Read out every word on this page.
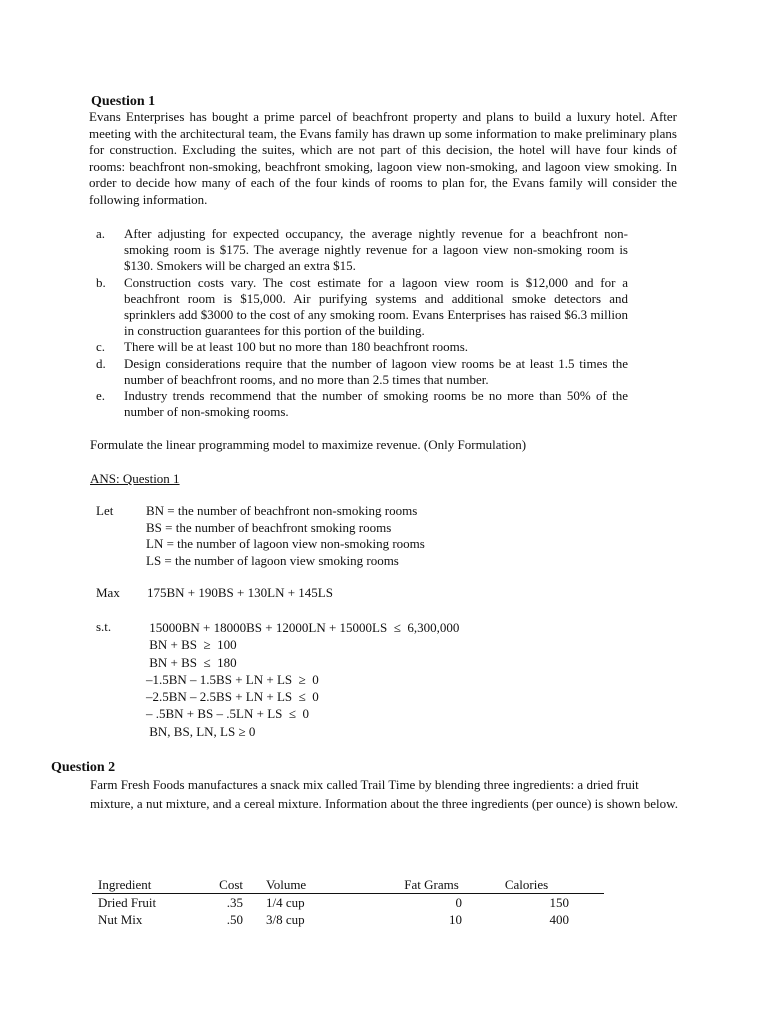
Question 1
Evans Enterprises has bought a prime parcel of beachfront property and plans to build a luxury hotel. After meeting with the architectural team, the Evans family has drawn up some information to make preliminary plans for construction. Excluding the suites, which are not part of this decision, the hotel will have four kinds of rooms: beachfront non-smoking, beachfront smoking, lagoon view non-smoking, and lagoon view smoking. In order to decide how many of each of the four kinds of rooms to plan for, the Evans family will consider the following information.
a. After adjusting for expected occupancy, the average nightly revenue for a beachfront non-smoking room is $175. The average nightly revenue for a lagoon view non-smoking room is $130. Smokers will be charged an extra $15.
b. Construction costs vary. The cost estimate for a lagoon view room is $12,000 and for a beachfront room is $15,000. Air purifying systems and additional smoke detectors and sprinklers add $3000 to the cost of any smoking room. Evans Enterprises has raised $6.3 million in construction guarantees for this portion of the building.
c. There will be at least 100 but no more than 180 beachfront rooms.
d. Design considerations require that the number of lagoon view rooms be at least 1.5 times the number of beachfront rooms, and no more than 2.5 times that number.
e. Industry trends recommend that the number of smoking rooms be no more than 50% of the number of non-smoking rooms.
Formulate the linear programming model to maximize revenue. (Only Formulation)
ANS: Question 1
Let	BN = the number of beachfront non-smoking rooms
BS = the number of beachfront smoking rooms
LN = the number of lagoon view non-smoking rooms
LS = the number of lagoon view smoking rooms
Max 175BN + 190BS + 130LN + 145LS
s.t.	15000BN + 18000BS + 12000LN + 15000LS  ≤  6,300,000
BN + BS  ≥  100
BN + BS  ≤  180
–1.5BN – 1.5BS + LN + LS  ≥  0
–2.5BN – 2.5BS + LN + LS  ≤  0
– .5BN + BS – .5LN + LS  ≤  0
BN, BS, LN, LS ≥ 0
Question 2
Farm Fresh Foods manufactures a snack mix called Trail Time by blending three ingredients: a dried fruit mixture, a nut mixture, and a cereal mixture. Information about the three ingredients (per ounce) is shown below.
Ingredient	Cost	Volume	Fat Grams	Calories	
Dried Fruit	.35	1/4 cup	0	150	
Nut Mix	.50	3/8 cup	10	400	
